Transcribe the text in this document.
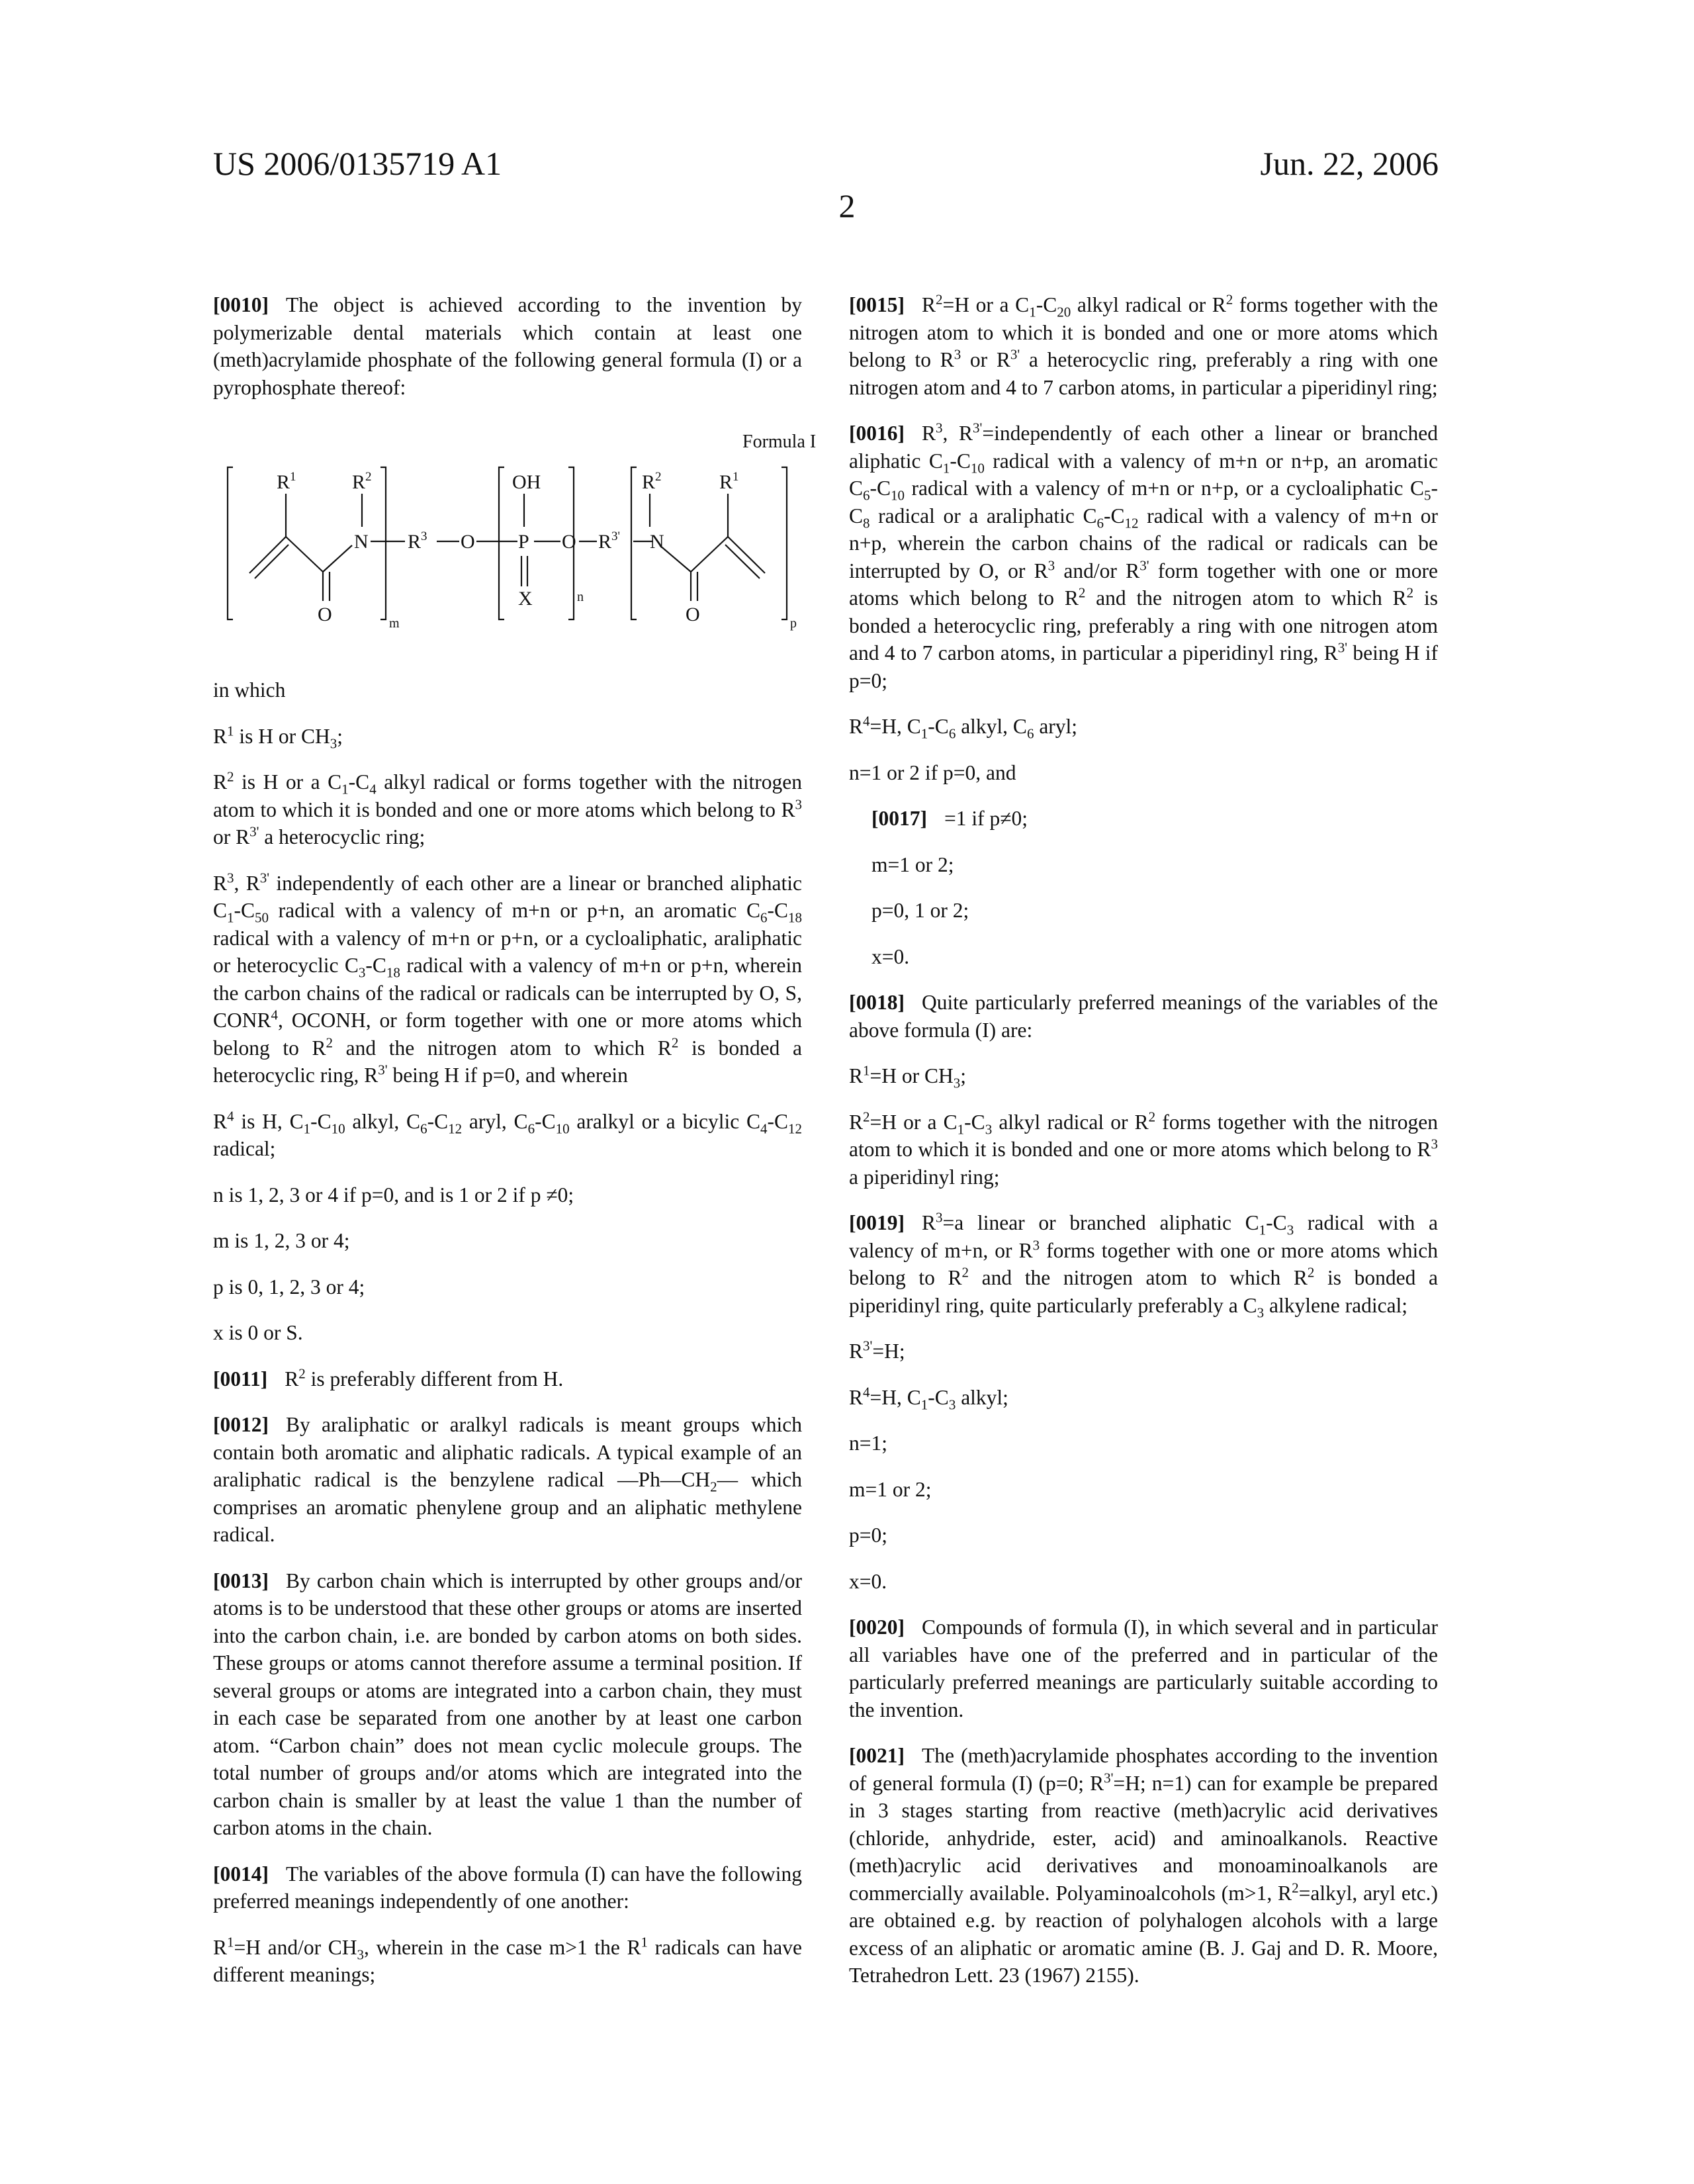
US 2006/0135719 A1	Jun. 22, 2006
2

[0010] The object is achieved according to the invention by polymerizable dental materials which contain at least one (meth)acrylamide phosphate of the following general formula (I) or a pyrophosphate thereof:

Formula I
R1	R2
N R3 O P
OH
X
O R3'
R2
N
R1
O	O
m
n
p

in which

R1 is H or CH3;

R2 is H or a C1-C4 alkyl radical or forms together with the nitrogen atom to which it is bonded and one or more atoms which belong to R3 or R3' a heterocyclic ring;

R3, R3' independently of each other are a linear or branched aliphatic C1-C50 radical with a valency of m+n or p+n, an aromatic C6-C18 radical with a valency of m+n or p+n, or a cycloaliphatic, araliphatic or heterocyclic C3-C18 radical with a valency of m+n or p+n, wherein the carbon chains of the radical or radicals can be interrupted by O, S, CONR4, OCONH, or form together with one or more atoms which belong to R2 and the nitrogen atom to which R2 is bonded a heterocyclic ring, R3' being H if p=0, and wherein

R4 is H, C1-C10 alkyl, C6-C12 aryl, C6-C10 aralkyl or a bicylic C4-C12 radical;

n is 1, 2, 3 or 4 if p=0, and is 1 or 2 if p ≠0;

m is 1, 2, 3 or 4;

p is 0, 1, 2, 3 or 4;

x is 0 or S.

[0011] R2 is preferably different from H.

[0012] By araliphatic or aralkyl radicals is meant groups which contain both aromatic and aliphatic radicals. A typical example of an araliphatic radical is the benzylene radical —Ph—CH2— which comprises an aromatic phenylene group and an aliphatic methylene radical.

[0013] By carbon chain which is interrupted by other groups and/or atoms is to be understood that these other groups or atoms are inserted into the carbon chain, i.e. are bonded by carbon atoms on both sides. These groups or atoms cannot therefore assume a terminal position. If several groups or atoms are integrated into a carbon chain, they must in each case be separated from one another by at least one carbon atom. “Carbon chain” does not mean cyclic molecule groups. The total number of groups and/or atoms which are integrated into the carbon chain is smaller by at least the value 1 than the number of carbon atoms in the chain.

[0014] The variables of the above formula (I) can have the following preferred meanings independently of one another:

R1=H and/or CH3, wherein in the case m>1 the R1 radicals can have different meanings;

[0015] R2=H or a C1-C20 alkyl radical or R2 forms together with the nitrogen atom to which it is bonded and one or more atoms which belong to R3 or R3' a heterocyclic ring, preferably a ring with one nitrogen atom and 4 to 7 carbon atoms, in particular a piperidinyl ring;

[0016] R3, R3'=independently of each other a linear or branched aliphatic C1-C10 radical with a valency of m+n or n+p, an aromatic C6-C10 radical with a valency of m+n or n+p, or a cycloaliphatic C5-C8 radical or a araliphatic C6-C12 radical with a valency of m+n or n+p, wherein the carbon chains of the radical or radicals can be interrupted by O, or R3 and/or R3' form together with one or more atoms which belong to R2 and the nitrogen atom to which R2 is bonded a heterocyclic ring, preferably a ring with one nitrogen atom and 4 to 7 carbon atoms, in particular a piperidinyl ring, R3' being H if p=0;

R4=H, C1-C6 alkyl, C6 aryl;

n=1 or 2 if p=0, and

[0017] =1 if p≠0;

m=1 or 2;

p=0, 1 or 2;

x=0.

[0018] Quite particularly preferred meanings of the variables of the above formula (I) are:

R1=H or CH3;

R2=H or a C1-C3 alkyl radical or R2 forms together with the nitrogen atom to which it is bonded and one or more atoms which belong to R3 a piperidinyl ring;

[0019] R3=a linear or branched aliphatic C1-C3 radical with a valency of m+n, or R3 forms together with one or more atoms which belong to R2 and the nitrogen atom to which R2 is bonded a piperidinyl ring, quite particularly preferably a C3 alkylene radical;

R3'=H;

R4=H, C1-C3 alkyl;

n=1;

m=1 or 2;

p=0;

x=0.

[0020] Compounds of formula (I), in which several and in particular all variables have one of the preferred and in particular of the particularly preferred meanings are particularly suitable according to the invention.

[0021] The (meth)acrylamide phosphates according to the invention of general formula (I) (p=0; R3'=H; n=1) can for example be prepared in 3 stages starting from reactive (meth)acrylic acid derivatives (chloride, anhydride, ester, acid) and aminoalkanols. Reactive (meth)acrylic acid derivatives and monoaminoalkanols are commercially available. Polyaminoalcohols (m>1, R2=alkyl, aryl etc.) are obtained e.g. by reaction of polyhalogen alcohols with a large excess of an aliphatic or aromatic amine (B. J. Gaj and D. R. Moore, Tetrahedron Lett. 23 (1967) 2155).
